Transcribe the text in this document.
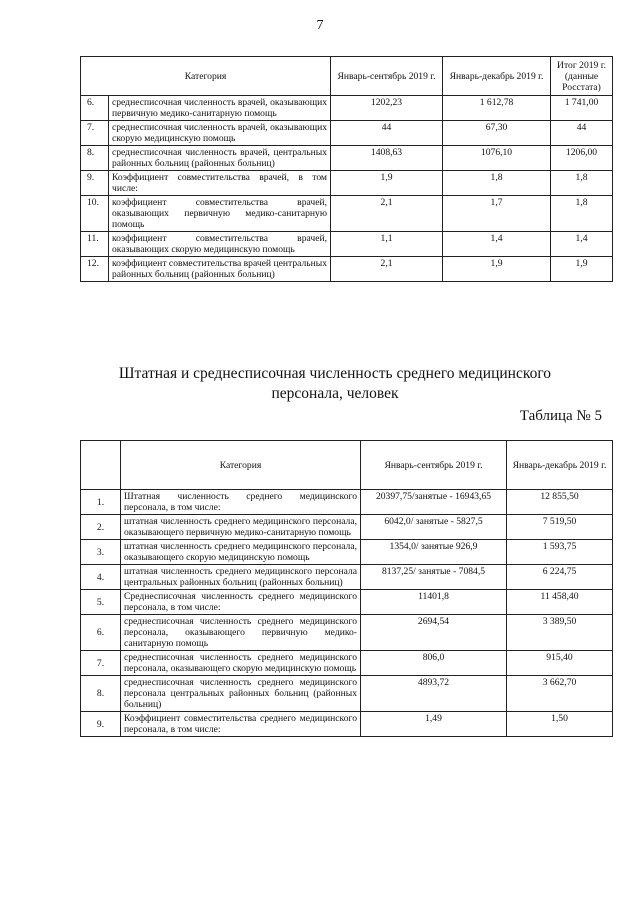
7
Категория		Январь-сентябрь 2019 г.	Январь-декабрь 2019 г.	Итог 2019 г. (данные Росстата)
6.	среднесписочная численность врачей, оказывающих первичную медико-санитарную помощь	1202,23	1 612,78	1 741,00
7.	среднесписочная численность врачей, оказывающих скорую медицинскую помощь	44	67,30	44
8.	среднесписочная численность врачей, центральных районных больниц (районных больниц)	1408,63	1076,10	1206,00
9.	Коэффициент совместительства врачей, в том числе:	1,9	1,8	1,8
10.	коэффициент совместительства врачей, оказывающих первичную медико-санитарную помощь	2,1	1,7	1,8
11.	коэффициент совместительства врачей, оказывающих скорую медицинскую помощь	1,1	1,4	1,4
12.	коэффициент совместительства врачей центральных районных больниц (районных больниц)	2,1	1,9	1,9
Штатная и среднесписочная численность среднего медицинского персонала, человек
Таблица № 5
	Категория	Январь-сентябрь 2019 г.	Январь-декабрь 2019 г.
1.	Штатная численность среднего медицинского персонала, в том числе:	20397,75/занятые - 16943,65	12 855,50
2.	штатная численность среднего медицинского персонала, оказывающего первичную медико-санитарную помощь	6042,0/ занятые - 5827,5	7 519,50
3.	штатная численность среднего медицинского персонала, оказывающего скорую медицинскую помощь	1354,0/ занятые 926,9	1 593,75
4.	штатная численность среднего медицинского персонала центральных районных больниц (районных больниц)	8137,25/ занятые - 7084,5	6 224,75
5.	Среднесписочная численность среднего медицинского персонала, в том числе:	11401,8	11 458,40
6.	среднесписочная численность среднего медицинского персонала, оказывающего первичную медико-санитарную помощь	2694,54	3 389,50
7.	среднесписочная численность среднего медицинского персонала, оказывающего скорую медицинскую помощь	806,0	915,40
8.	среднесписочная численность среднего медицинского персонала центральных районных больниц (районных больниц)	4893,72	3 662,70
9.	Коэффициент совместительства среднего медицинского персонала, в том числе:	1,49	1,50
